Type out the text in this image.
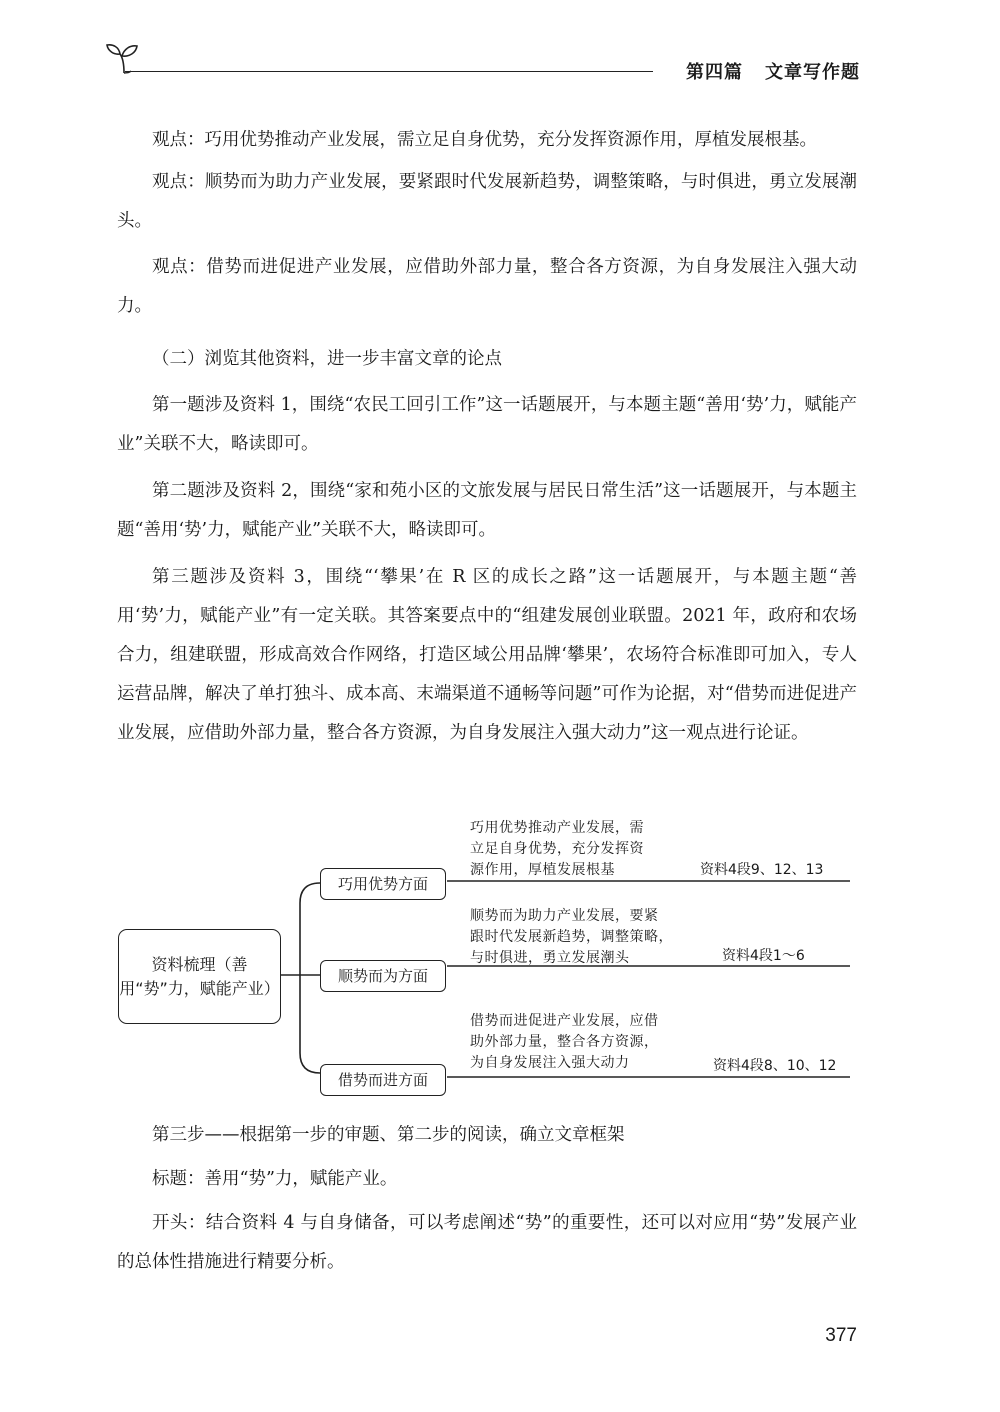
第四篇 文章写作题
观点：巧用优势推动产业发展，需立足自身优势，充分发挥资源作用，厚植发展根基。
观点：顺势而为助力产业发展，要紧跟时代发展新趋势，调整策略，与时俱进，勇立发展潮头。
观点：借势而进促进产业发展，应借助外部力量，整合各方资源，为自身发展注入强大动力。
（二）浏览其他资料，进一步丰富文章的论点
第一题涉及资料 1，围绕“农民工回引工作”这一话题展开，与本题主题“善用‘势’力，赋能产业”关联不大，略读即可。
第二题涉及资料 2，围绕“家和苑小区的文旅发展与居民日常生活”这一话题展开，与本题主题“善用‘势’力，赋能产业”关联不大，略读即可。
第三题涉及资料 3，围绕“‘攀果’在 R 区的成长之路”这一话题展开，与本题主题“善用‘势’力，赋能产业”有一定关联。其答案要点中的“组建发展创业联盟。2021 年，政府和农场合力，组建联盟，形成高效合作网络，打造区域公用品牌‘攀果’，农场符合标准即可加入，专人运营品牌，解决了单打独斗、成本高、末端渠道不通畅等问题”可作为论据，对“借势而进促进产业发展，应借助外部力量，整合各方资源，为自身发展注入强大动力”这一观点进行论证。
资料梳理（善用“势”力，赋能产业）
巧用优势方面
巧用优势推动产业发展，需
立足自身优势，充分发挥资
源作用，厚植发展根基	资料4段9、12、13
顺势而为方面
顺势而为助力产业发展，要紧
跟时代发展新趋势，调整策略，
与时俱进，勇立发展潮头	资料4段1～6
借势而进方面
借势而进促进产业发展，应借
助外部力量，整合各方资源，
为自身发展注入强大动力	资料4段8、10、12
第三步——根据第一步的审题、第二步的阅读，确立文章框架
标题：善用“势”力，赋能产业。
开头：结合资料 4 与自身储备，可以考虑阐述“势”的重要性，还可以对应用“势”发展产业的总体性措施进行精要分析。
377
